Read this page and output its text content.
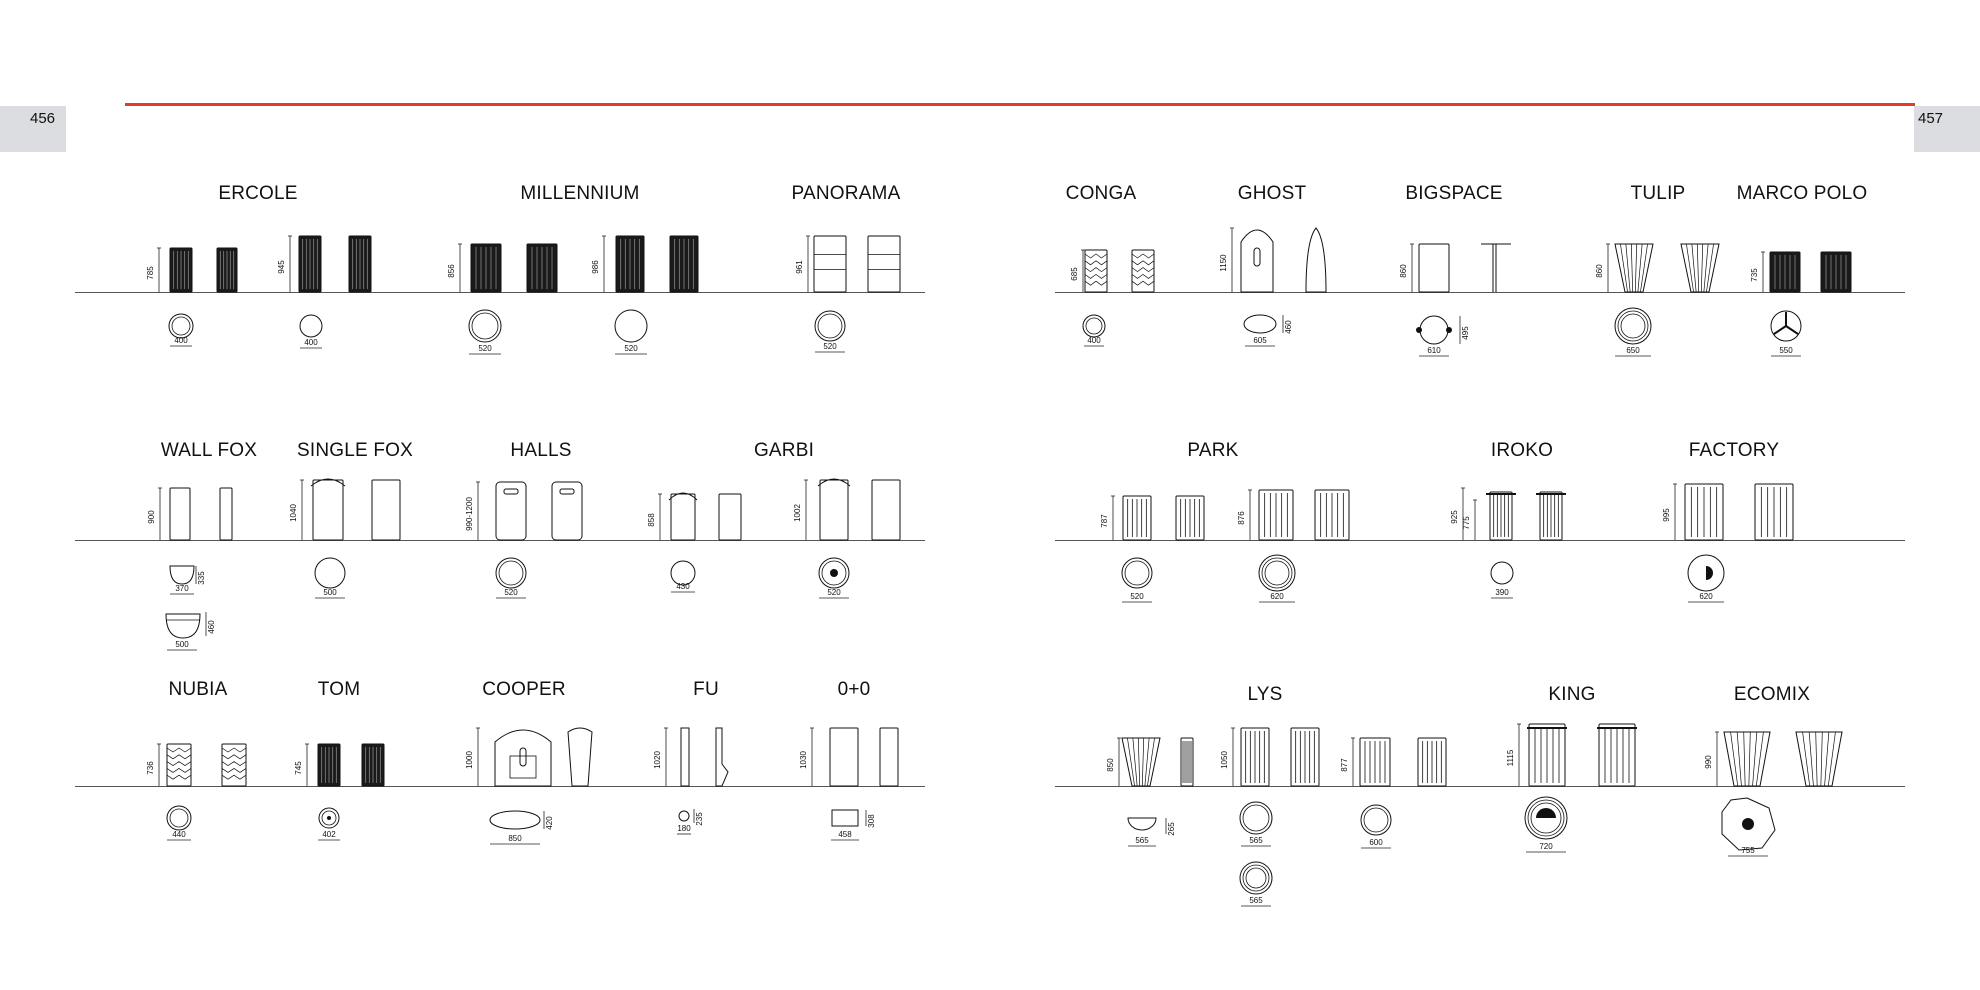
456	457
ERCOLE	MILLENNIUM	PANORAMA	CONGA	GHOST	BIGSPACE	TULIP	MARCO POLO
WALL FOX SINGLE FOX	HALLS	GARBI	PARK	IROKO	FACTORY
NUBIA	TOM	COOPER	FU	0+0	LYS	KING	ECOMIX
785	945
400	400
856	986
520	520
961
520
685
400
1150
605
460
860
610
495
860
650
735
550
900
370
335
500
460
1040
500
990-1200
520
858
430
1002
520
787
520
876
620
925 775
390
995
620
736
440
745
402
1000
850
420
1020
180
235
1030
458
308
850
565
265
1050
565
877
600
565
1115
720
990
755
